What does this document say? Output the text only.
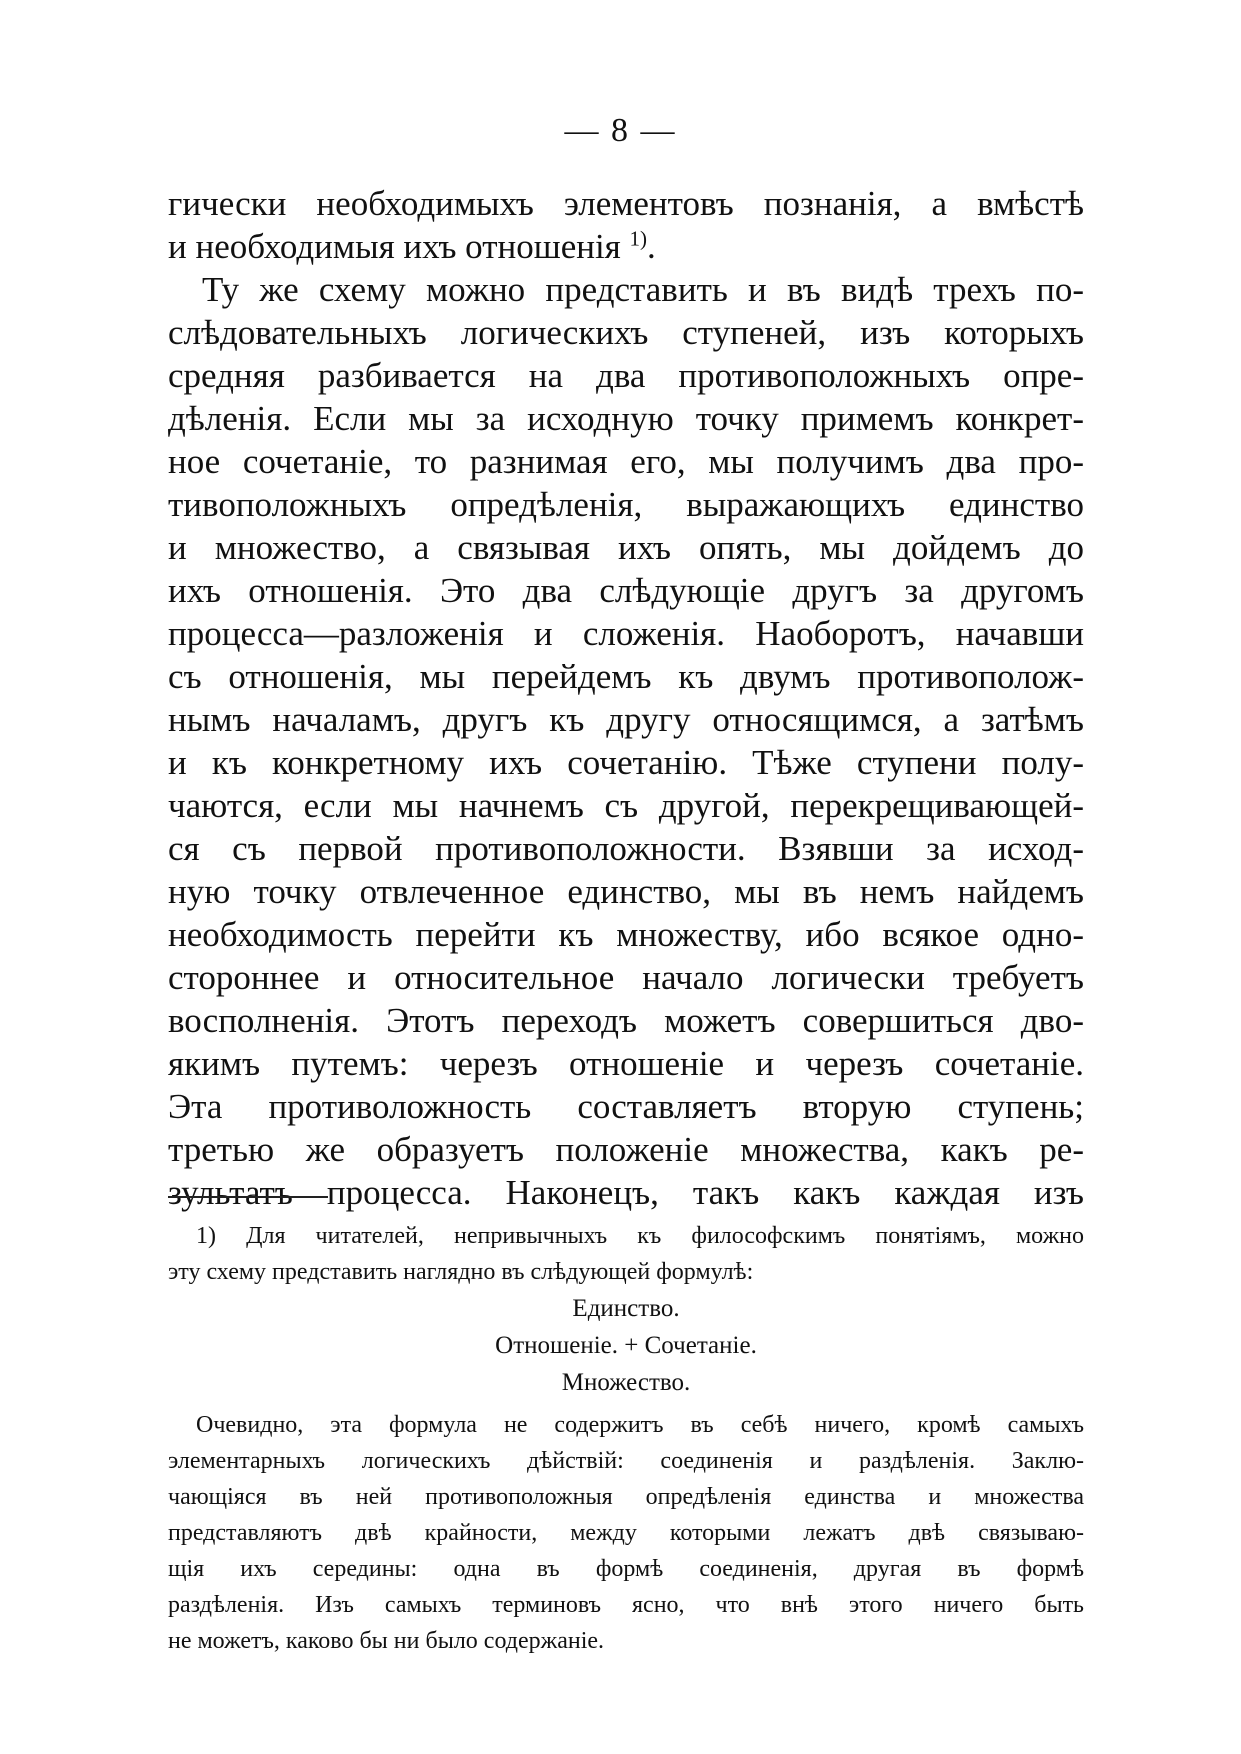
— 8 —
гически необходимыхъ элементовъ познанія, а вмѣстѣ
и необходимыя ихъ отношенія $^{1)}$.
Ту же схему можно представить и въ видѣ трехъ по-
слѣдовательныхъ логическихъ ступеней, изъ которыхъ
средняя разбивается на два противоположныхъ опре-
дѣленія. Если мы за исходную точку примемъ конкрет-
ное сочетаніе, то разнимая его, мы получимъ два про-
тивоположныхъ опредѣленія, выражающихъ единство
и множество, а связывая ихъ опять, мы дойдемъ до
ихъ отношенія. Это два слѣдующіе другъ за другомъ
процесса—разложенія и сложенія. Наоборотъ, начавши
съ отношенія, мы перейдемъ къ двумъ противополож-
нымъ началамъ, другъ къ другу относящимся, а затѣмъ
и къ конкретному ихъ сочетанію. Тѣже ступени полу-
чаются, если мы начнемъ съ другой, перекрещивающей-
ся съ первой противоположности. Взявши за исход-
ную точку отвлеченное единство, мы въ немъ найдемъ
необходимость перейти къ множеству, ибо всякое одно-
стороннее и относительное начало логически требуетъ
восполненія. Этотъ переходъ можетъ совершиться дво-
якимъ путемъ: черезъ отношеніе и черезъ сочетаніе.
Эта противоложность составляетъ вторую ступень;
третью же образуетъ положеніе множества, какъ ре-
зультатъ процесса. Наконецъ, такъ какъ каждая изъ
1) Для читателей, непривычныхъ къ философскимъ понятіямъ, можно
эту схему представить наглядно въ слѣдующей формулѣ:
Единство.
Отношеніе. + Сочетаніе.
Множество.
Очевидно, эта формула не содержитъ въ себѣ ничего, кромѣ самыхъ
элементарныхъ логическихъ дѣйствій: соединенія и раздѣленія. Заклю-
чающіяся въ ней противоположныя опредѣленія единства и множества
представляютъ двѣ крайности, между которыми лежатъ двѣ связываю-
щія ихъ середины: одна въ формѣ соединенія, другая въ формѣ
раздѣленія. Изъ самыхъ терминовъ ясно, что внѣ этого ничего быть
не можетъ, каково бы ни было содержаніе.
